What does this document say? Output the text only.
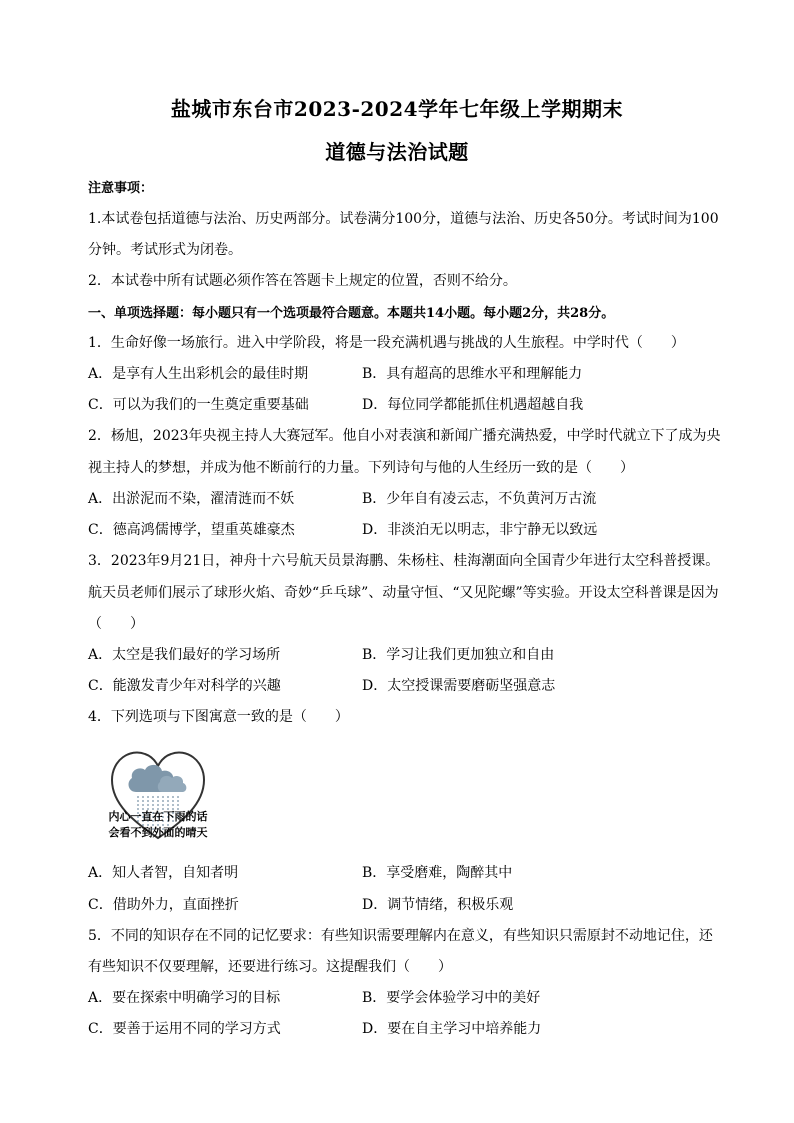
盐城市东台市2023-2024学年七年级上学期期末
道德与法治试题
注意事项：
1.本试卷包括道德与法治、历史两部分。试卷满分100分，道德与法治、历史各50分。考试时间为100
分钟。考试形式为闭卷。
2．本试卷中所有试题必须作答在答题卡上规定的位置，否则不给分。
一、单项选择题：每小题只有一个选项最符合题意。本题共14小题。每小题2分，共28分。
1．生命好像一场旅行。进入中学阶段，将是一段充满机遇与挑战的人生旅程。中学时代（　　）
A．是享有人生出彩机会的最佳时期	B．具有超高的思维水平和理解能力
C．可以为我们的一生奠定重要基础	D．每位同学都能抓住机遇超越自我
2．杨旭，2023年央视主持人大赛冠军。他自小对表演和新闻广播充满热爱，中学时代就立下了成为央
视主持人的梦想，并成为他不断前行的力量。下列诗句与他的人生经历一致的是（　　）
A．出淤泥而不染，濯清涟而不妖	B．少年自有凌云志，不负黄河万古流
C．德高鸿儒博学，望重英雄豪杰	D．非淡泊无以明志，非宁静无以致远
3．2023年9月21日，神舟十六号航天员景海鹏、朱杨柱、桂海潮面向全国青少年进行太空科普授课。
航天员老师们展示了球形火焰、奇妙“乒乓球”、动量守恒、“又见陀螺”等实验。开设太空科普课是因为
（　　）
A．太空是我们最好的学习场所	B．学习让我们更加独立和自由
C．能激发青少年对科学的兴趣	D．太空授课需要磨砺坚强意志
4．下列选项与下图寓意一致的是（　　）
内心一直在下雨的话
会看不到外面的晴天
A．知人者智，自知者明	B．享受磨难，陶醉其中
C．借助外力，直面挫折	D．调节情绪，积极乐观
5．不同的知识存在不同的记忆要求：有些知识需要理解内在意义，有些知识只需原封不动地记住，还
有些知识不仅要理解，还要进行练习。这提醒我们（　　）
A．要在探索中明确学习的目标	B．要学会体验学习中的美好
C．要善于运用不同的学习方式	D．要在自主学习中培养能力
